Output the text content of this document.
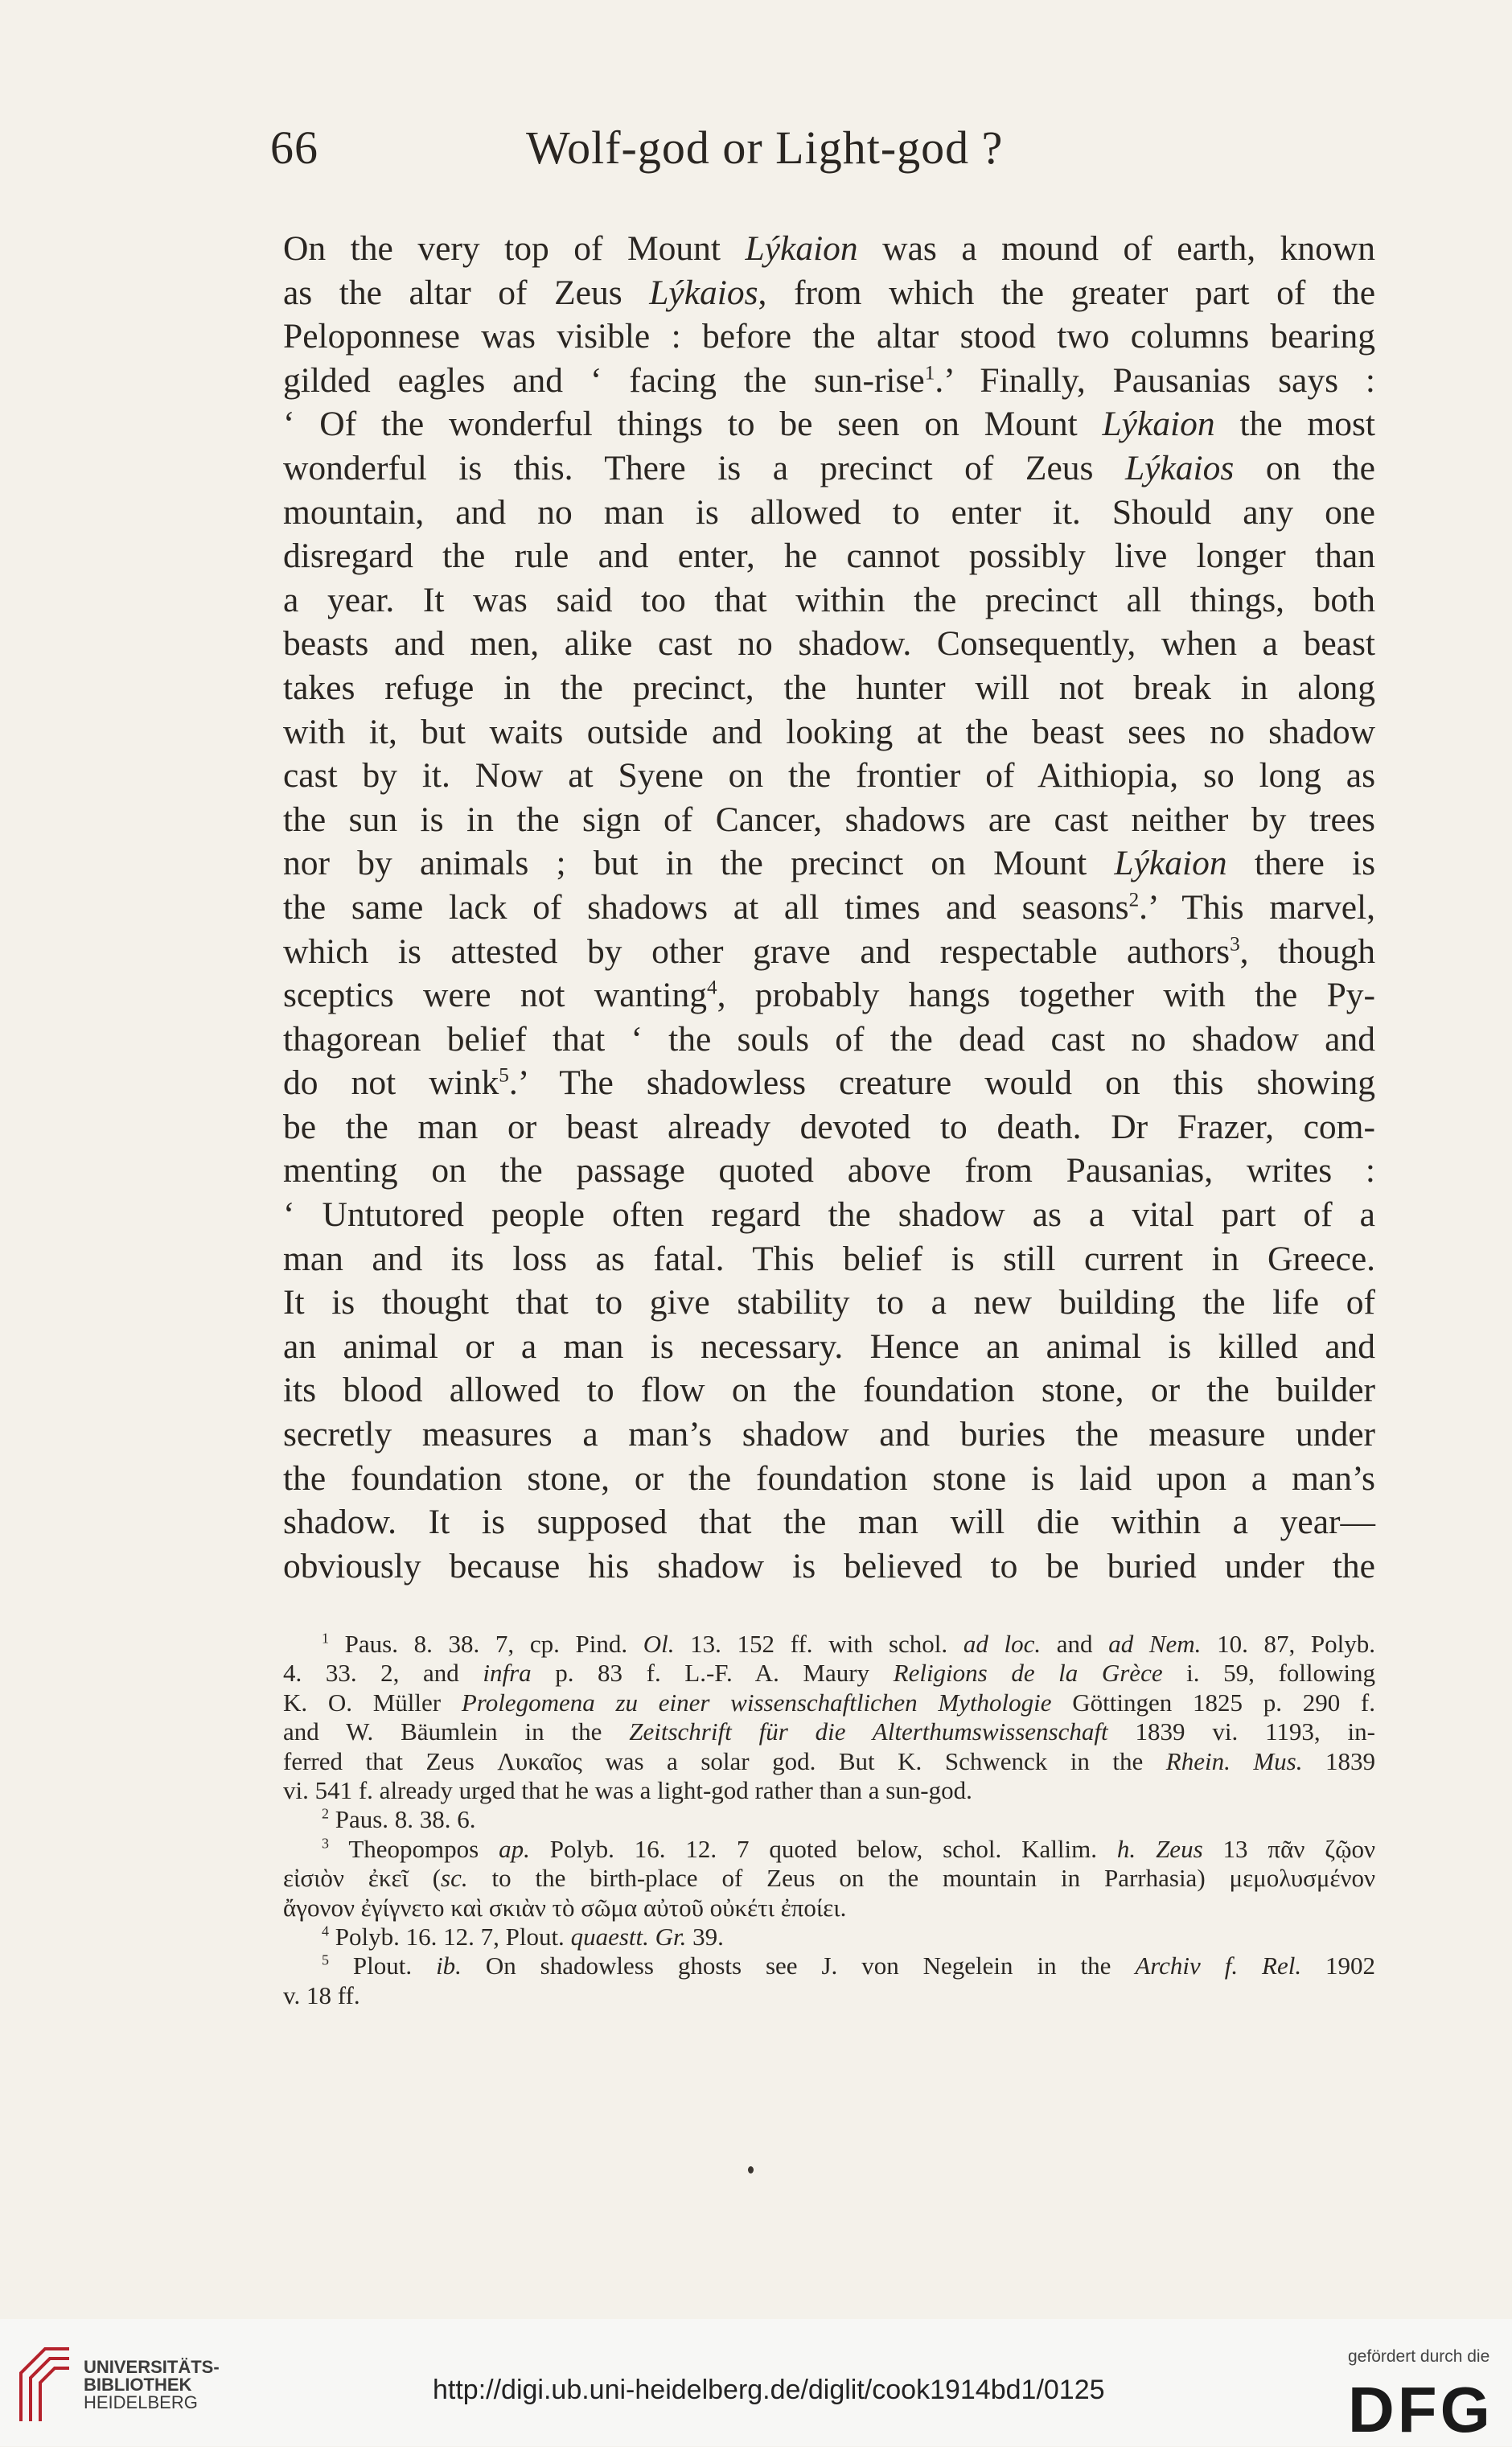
66	Wolf-god or Light-god ?
On the very top of Mount Lýkaion was a mound of earth, known
as the altar of Zeus Lýkaios, from which the greater part of the
Peloponnese was visible : before the altar stood two columns bearing
gilded eagles and ‘ facing the sun-rise$^1$.’ Finally, Pausanias says :
‘ Of the wonderful things to be seen on Mount Lýkaion the most
wonderful is this. There is a precinct of Zeus Lýkaios on the
mountain, and no man is allowed to enter it. Should any one
disregard the rule and enter, he cannot possibly live longer than
a year. It was said too that within the precinct all things, both
beasts and men, alike cast no shadow. Consequently, when a beast
takes refuge in the precinct, the hunter will not break in along
with it, but waits outside and looking at the beast sees no shadow
cast by it. Now at Syene on the frontier of Aithiopia, so long as
the sun is in the sign of Cancer, shadows are cast neither by trees
nor by animals ; but in the precinct on Mount Lýkaion there is
the same lack of shadows at all times and seasons$^2$.’ This marvel,
which is attested by other grave and respectable authors$^3$, though
sceptics were not wanting$^4$, probably hangs together with the Py-
thagorean belief that ‘ the souls of the dead cast no shadow and
do not wink$^5$.’ The shadowless creature would on this showing
be the man or beast already devoted to death. Dr Frazer, com-
menting on the passage quoted above from Pausanias, writes :
‘ Untutored people often regard the shadow as a vital part of a
man and its loss as fatal. This belief is still current in Greece.
It is thought that to give stability to a new building the life of
an animal or a man is necessary. Hence an animal is killed and
its blood allowed to flow on the foundation stone, or the builder
secretly measures a man’s shadow and buries the measure under
the foundation stone, or the foundation stone is laid upon a man’s
shadow. It is supposed that the man will die within a year—
obviously because his shadow is believed to be buried under the
$^1$ Paus. 8. 38. 7, cp. Pind. Ol. 13. 152 ff. with schol. ad loc. and ad Nem. 10. 87, Polyb.
4. 33. 2, and infra p. 83 f. L.-F. A. Maury Religions de la Grèce i. 59, following
K. O. Müller Prolegomena zu einer wissenschaftlichen Mythologie Göttingen 1825 p. 290 f.
and W. Bäumlein in the Zeitschrift für die Alterthumswissenschaft 1839 vi. 1193, in-
ferred that Zeus Λυκαῖος was a solar god. But K. Schwenck in the Rhein. Mus. 1839
vi. 541 f. already urged that he was a light-god rather than a sun-god.
$^2$ Paus. 8. 38. 6.
$^3$ Theopompos ap. Polyb. 16. 12. 7 quoted below, schol. Kallim. h. Zeus 13 πᾶν ζῷον
εἰσιὸν ἐκεῖ (sc. to the birth-place of Zeus on the mountain in Parrhasia) μεμολυσμένον
ἄγονον ἐγίγνετο καὶ σκιὰν τὸ σῶμα αὐτοῦ οὐκέτι ἐποίει.
$^4$ Polyb. 16. 12. 7, Plout. quaestt. Gr. 39.
$^5$ Plout. ib. On shadowless ghosts see J. von Negelein in the Archiv f. Rel. 1902
v. 18 ff.
UNIVERSITÄTS-
BIBLIOTHEK
HEIDELBERG	http://digi.ub.uni-heidelberg.de/diglit/cook1914bd1/0125
gefördert durch die
DFG
